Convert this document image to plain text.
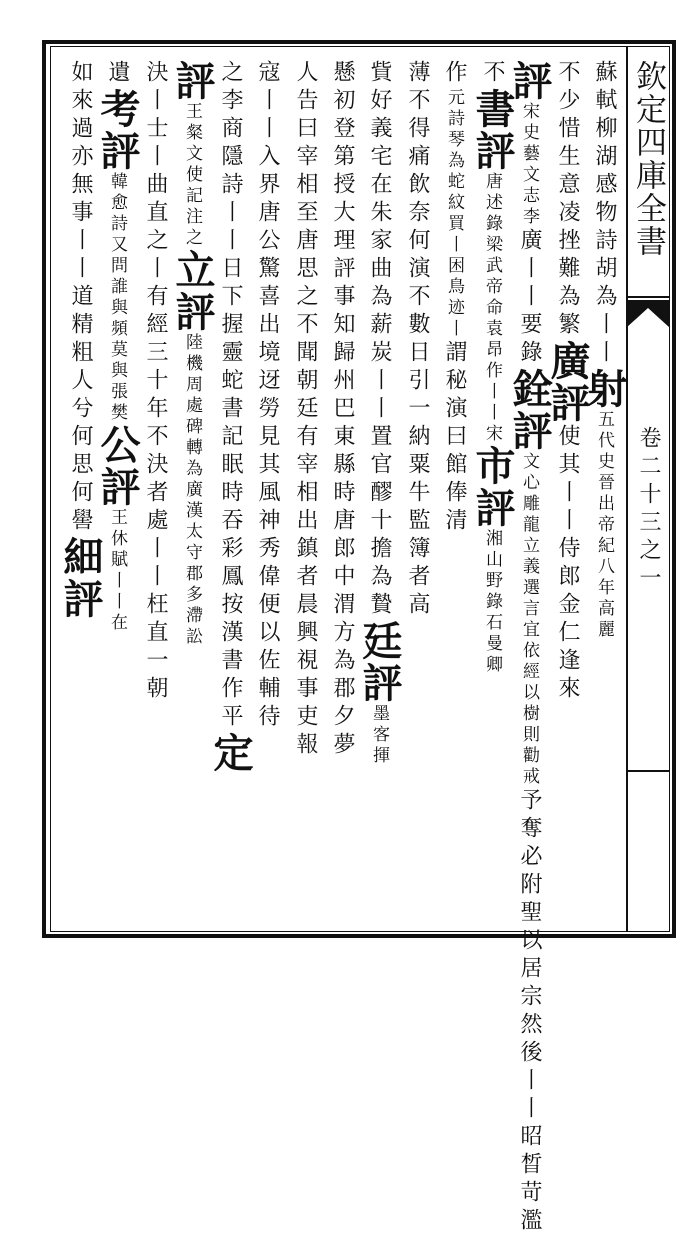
欽定四庫全書
卷二十三之一
蘇軾柳湖感物詩胡為丨丨射五代史晉出帝紀八年高麗
不少惜生意凌挫難為繁廣評使其丨丨侍郎金仁逢來
評宋史藝文志李廣丨丨要錄銓評文心雕龍立義選言宜依經以樹則勸戒予奪必附聖以居宗然後丨丨昭晳苛濫
不書評唐述錄梁武帝命袁昂作丨丨宋市評湘山野錄石曼卿
作元詩琴為蛇紋買丨困鳥迹丨謂秘演曰館俸清
薄不得痛飲奈何演不數日引一納粟牛監簿者高
貲好義宅在朱家曲為薪炭丨丨置官醪十擔為贄廷評墨客揮
懸初登第授大理評事知歸州巴東縣時唐郎中渭方為郡夕夢
人告曰宰相至唐思之不聞朝廷有宰相出鎮者晨興視事吏報
寇丨丨入界唐公驚喜出境迓勞見其風神秀偉便以佐輔待
之李商隱詩丨丨日下握靈蛇書記眠時吞彩鳳按漢書作平定
評王粲文使記注之立評陸機周處碑轉為廣漢太守郡多滯訟
決丨士丨曲直之丨有經三十年不決者處丨丨枉直一朝
遺考評韓愈詩又問誰與頻莫與張樊公評王休賦丨丨在
如來過亦無事丨丨道精粗人兮何思何嚳細評
